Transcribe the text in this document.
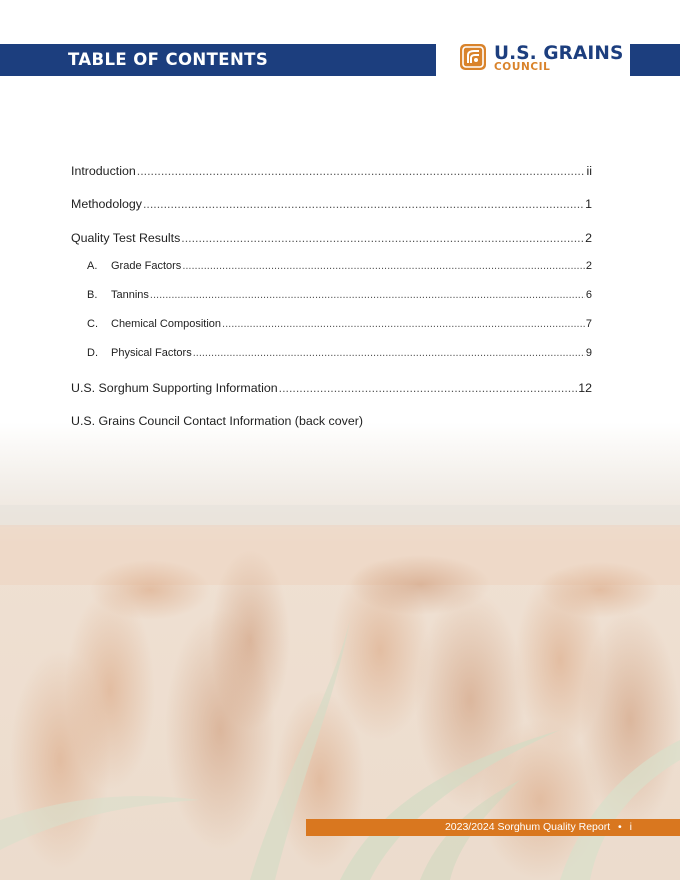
TABLE OF CONTENTS	U.S. GRAINS
COUNCIL
Introduction .....	ii
Methodology .....	1
Quality Test Results .....	2
A.	Grade Factors .....	2
B.	Tannins .....	6
C.	Chemical Composition .....	7
D.	Physical Factors .....	9
U.S. Sorghum Supporting Information .....	12
U.S. Grains Council Contact Information (back cover)
2023/2024 Sorghum Quality Report • i
